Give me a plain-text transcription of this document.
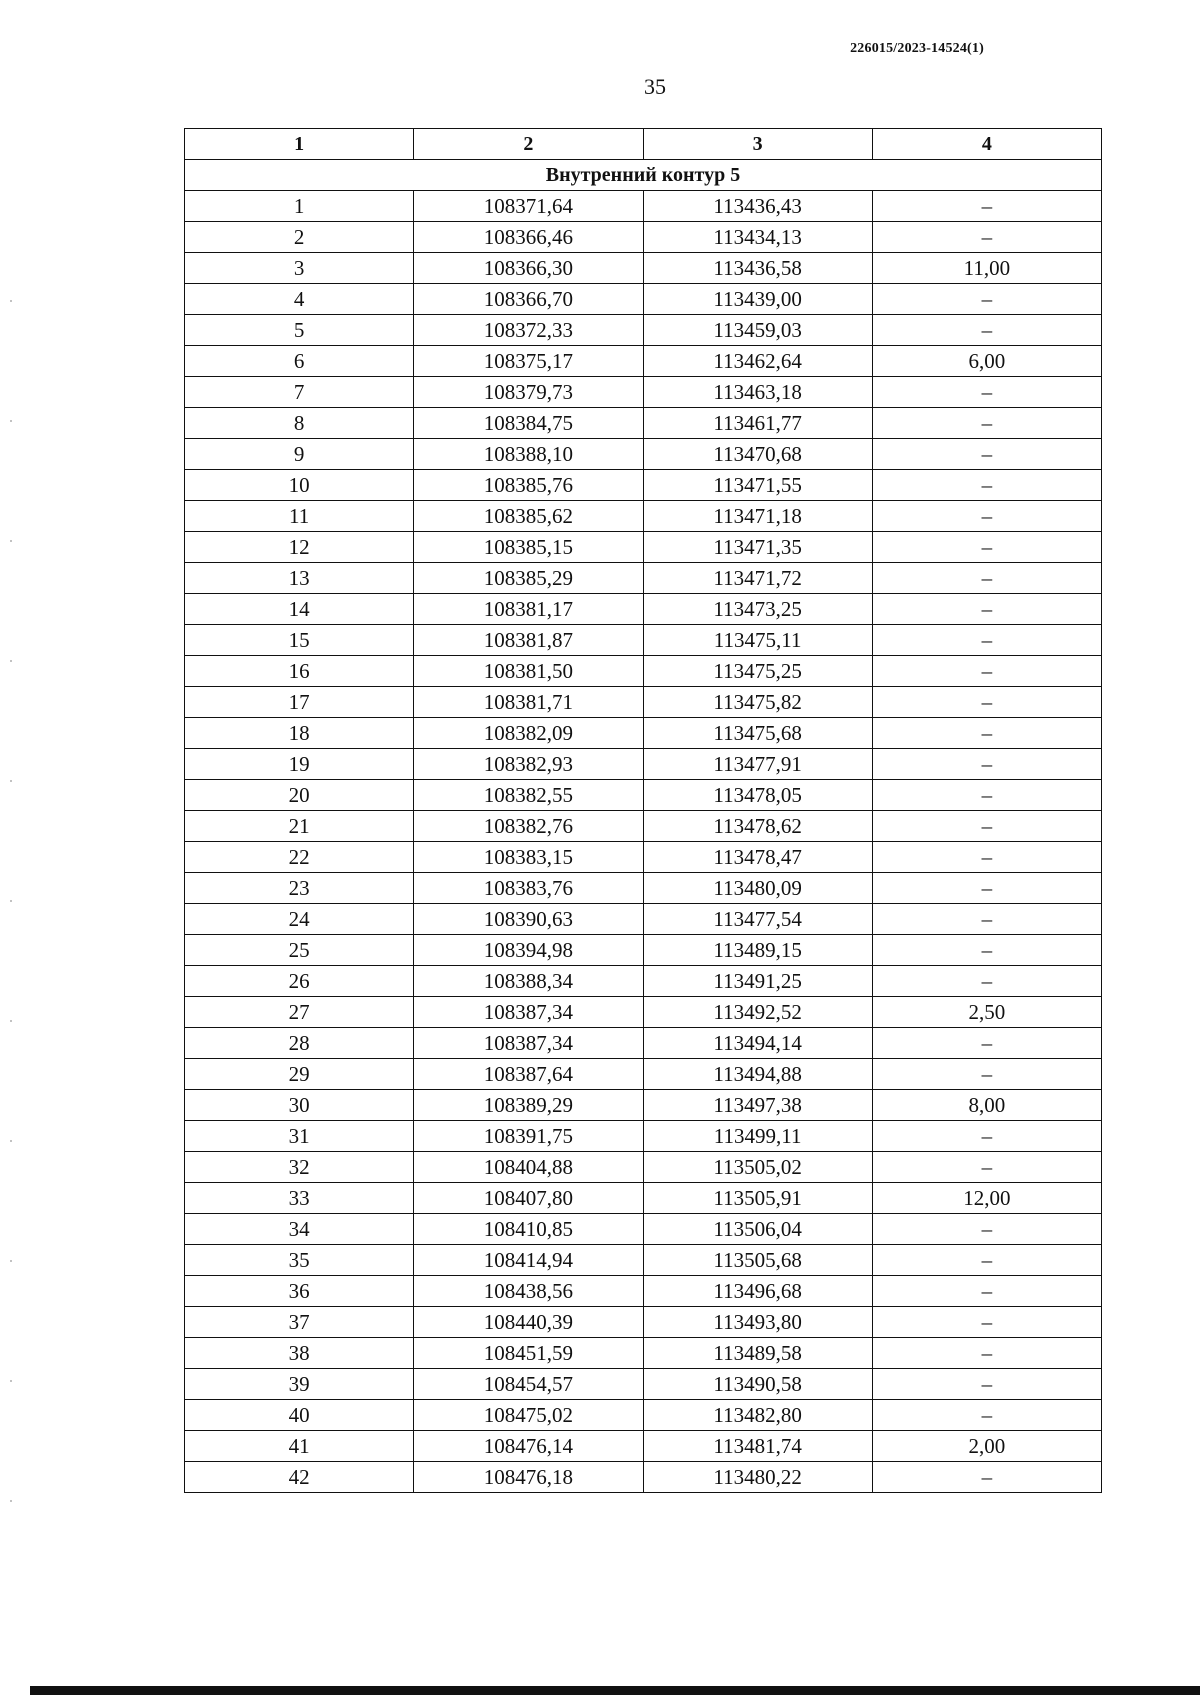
226015/2023-14524(1)
35
1	2	3	4
Внутренний контур 5			
1	108371,64	113436,43	–
2	108366,46	113434,13	–
3	108366,30	113436,58	11,00
4	108366,70	113439,00	–
5	108372,33	113459,03	–
6	108375,17	113462,64	6,00
7	108379,73	113463,18	–
8	108384,75	113461,77	–
9	108388,10	113470,68	–
10	108385,76	113471,55	–
11	108385,62	113471,18	–
12	108385,15	113471,35	–
13	108385,29	113471,72	–
14	108381,17	113473,25	–
15	108381,87	113475,11	–
16	108381,50	113475,25	–
17	108381,71	113475,82	–
18	108382,09	113475,68	–
19	108382,93	113477,91	–
20	108382,55	113478,05	–
21	108382,76	113478,62	–
22	108383,15	113478,47	–
23	108383,76	113480,09	–
24	108390,63	113477,54	–
25	108394,98	113489,15	–
26	108388,34	113491,25	–
27	108387,34	113492,52	2,50
28	108387,34	113494,14	–
29	108387,64	113494,88	–
30	108389,29	113497,38	8,00
31	108391,75	113499,11	–
32	108404,88	113505,02	–
33	108407,80	113505,91	12,00
34	108410,85	113506,04	–
35	108414,94	113505,68	–
36	108438,56	113496,68	–
37	108440,39	113493,80	–
38	108451,59	113489,58	–
39	108454,57	113490,58	–
40	108475,02	113482,80	–
41	108476,14	113481,74	2,00
42	108476,18	113480,22	–
